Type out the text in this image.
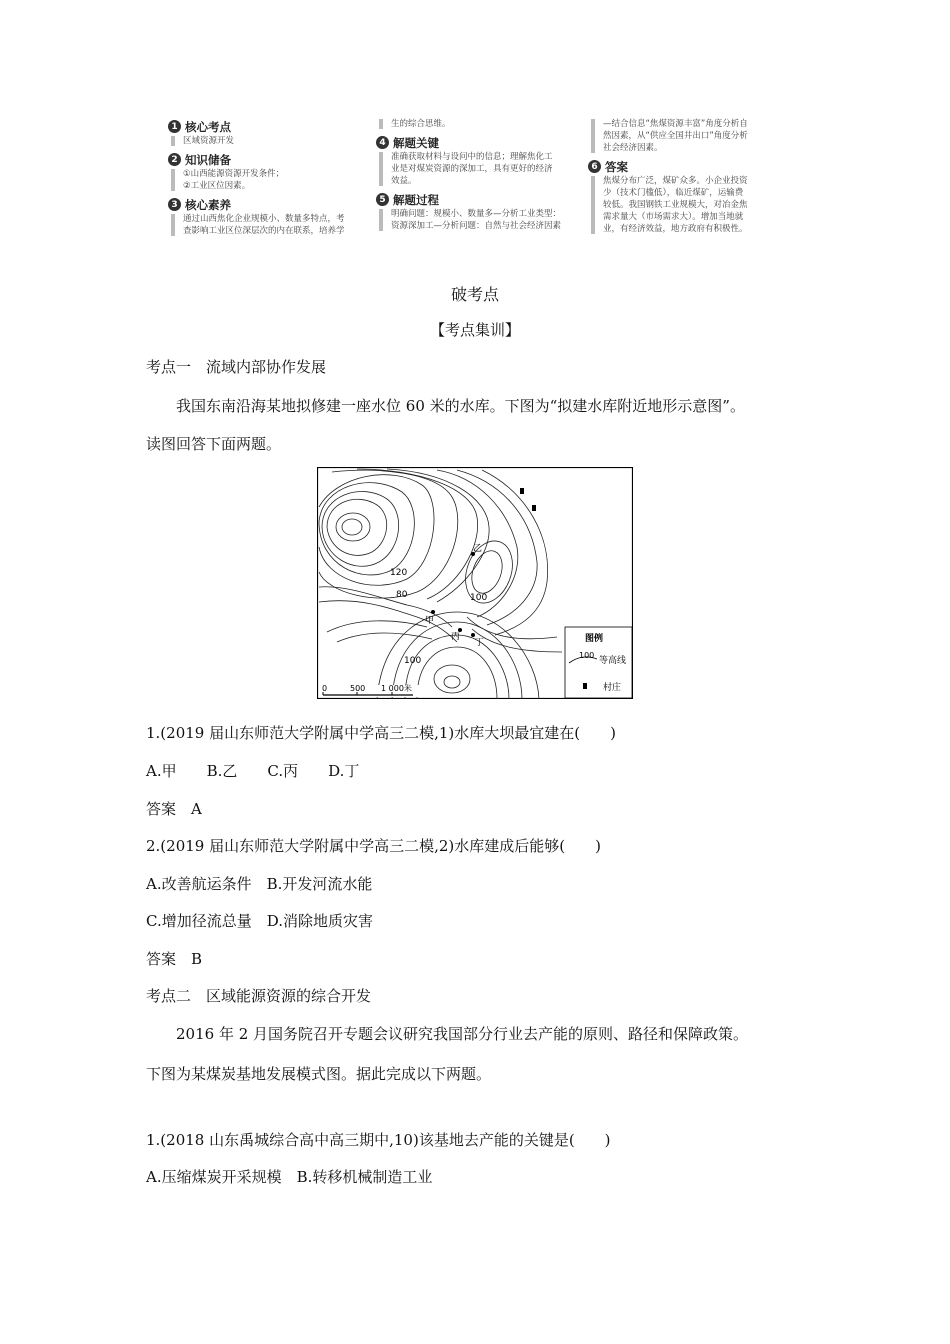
1 核心考点
区域资源开发
2 知识储备
①山西能源资源开发条件；
②工业区位因素。
3 核心素养
通过山西焦化企业规模小、数量多特点，考
查影响工业区位深层次的内在联系，培养学
生的综合思维。
4 解题关键
准确获取材料与设问中的信息；理解焦化工
业是对煤炭资源的深加工，具有更好的经济
效益。
5 解题过程
明确问题：规模小、数量多—分析工业类型：
资源深加工—分析问题：自然与社会经济因素
—结合信息“焦煤资源丰富”角度分析自
然因素，从“供应全国井出口”角度分析
社会经济因素。
6 答案
焦煤分布广泛，煤矿众多。小企业投资
少（技术门槛低），临近煤矿，运输费
较低。我国钢铁工业规模大，对冶金焦
需求量大（市场需求大）。增加当地就
业，有经济效益，地方政府有积极性。
破考点
【考点集训】
考点一　流域内部协作发展
我国东南沿海某地拟修建一座水位 60 米的水库。下图为“拟建水库附近地形示意图”。
读图回答下面两题。
乙
甲
丙
丁
120
80	100
100
图例
100
等高线
村庄
0	500 1 000米
1.(2019 届山东师范大学附属中学高三二模,1)水库大坝最宜建在(　　)
A.甲　　B.乙　　C.丙　　D.丁
答案　A
2.(2019 届山东师范大学附属中学高三二模,2)水库建成后能够(　　)
A.改善航运条件　B.开发河流水能
C.增加径流总量　D.消除地质灾害
答案　B
考点二　区域能源资源的综合开发
2016 年 2 月国务院召开专题会议研究我国部分行业去产能的原则、路径和保障政策。
下图为某煤炭基地发展模式图。据此完成以下两题。
1.(2018 山东禹城综合高中高三期中,10)该基地去产能的关键是(　　)
A.压缩煤炭开采规模　B.转移机械制造工业
